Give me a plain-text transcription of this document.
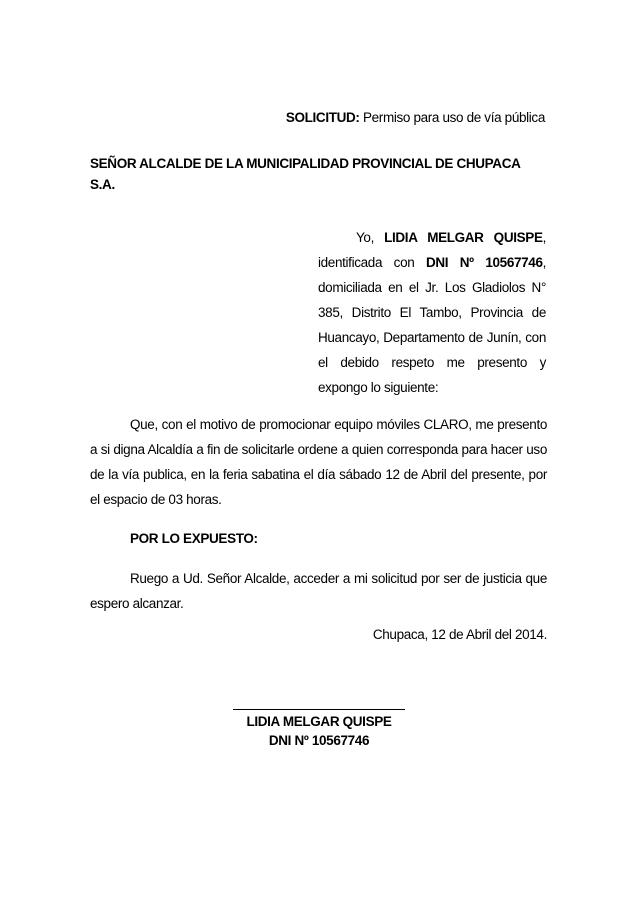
SOLICITUD: Permiso para uso de vía pública
SEÑOR ALCALDE DE LA MUNICIPALIDAD PROVINCIAL DE CHUPACA
S.A.
Yo, LIDIA MELGAR QUISPE, identificada con DNI Nº 10567746, domiciliada en el Jr. Los Gladiolos N° 385, Distrito El Tambo, Provincia de Huancayo, Departamento de Junín, con el debido respeto me presento y expongo lo siguiente:
Que, con el motivo de promocionar equipo móviles CLARO, me presento a si digna Alcaldía a fin de solicitarle ordene a quien corresponda para hacer uso de la vía publica, en la feria sabatina el día sábado 12 de Abril del presente, por el espacio de 03 horas.
POR LO EXPUESTO:
Ruego a Ud. Señor Alcalde, acceder a mi solicitud por ser de justicia que espero alcanzar.
Chupaca, 12 de Abril del 2014.
LIDIA MELGAR QUISPE
DNI Nº 10567746
